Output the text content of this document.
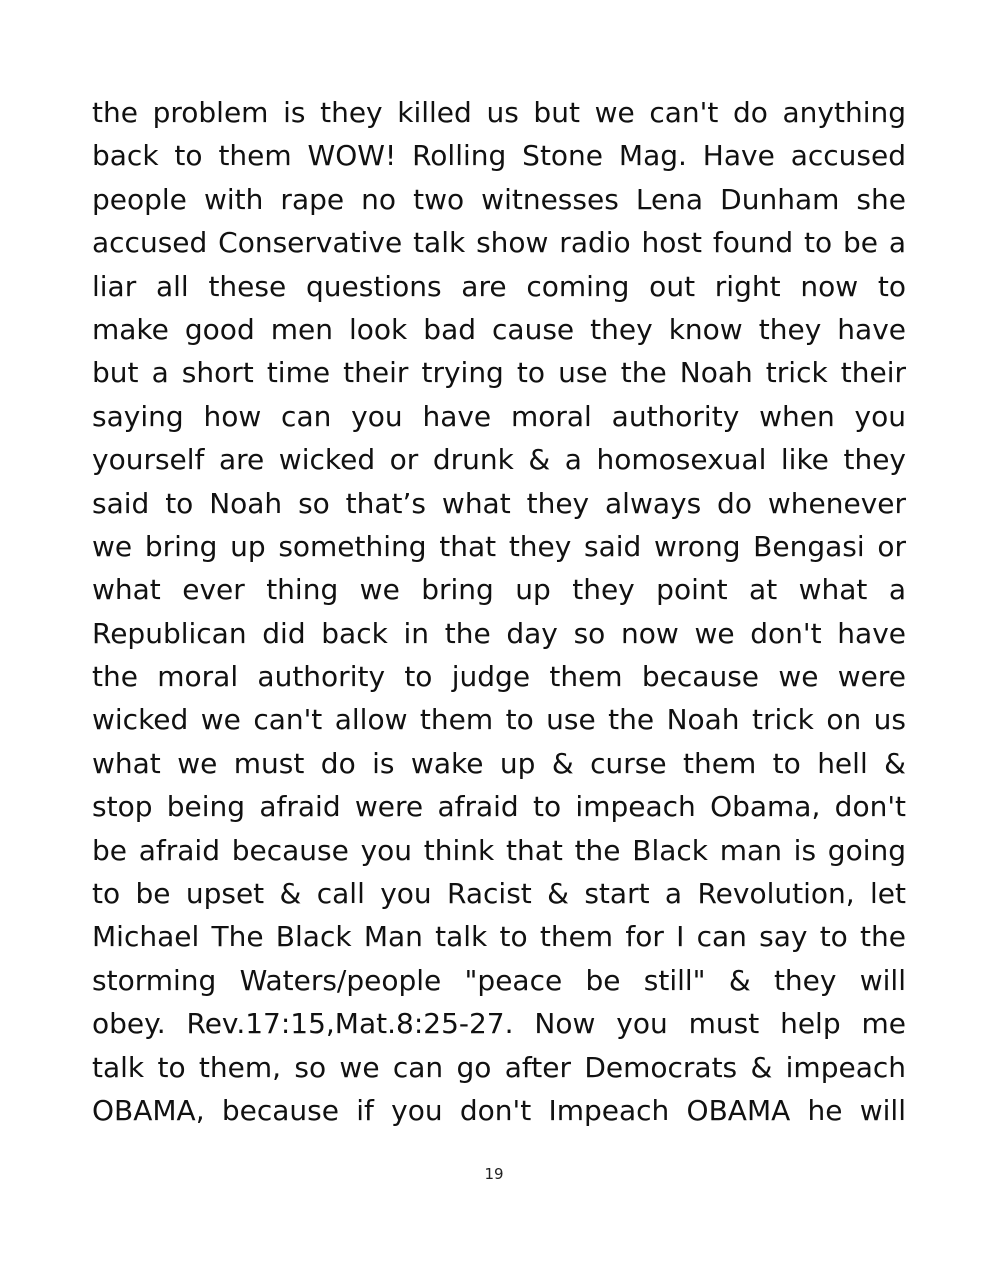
the problem is they killed us but we can't do anything
back to them WOW! Rolling Stone Mag. Have accused
people with rape no two witnesses Lena Dunham she
accused Conservative talk show radio host found to be a
liar all these questions are coming out right now to
make good men look bad cause they know they have
but a short time their trying to use the Noah trick their
saying how can you have moral authority when you
yourself are wicked or drunk & a homosexual like they
said to Noah so that’s what they always do whenever
we bring up something that they said wrong Bengasi or
what ever thing we bring up they point at what a
Republican did back in the day so now we don't have
the moral authority to judge them because we were
wicked we can't allow them to use the Noah trick on us
what we must do is wake up & curse them to hell &
stop being afraid were afraid to impeach Obama, don't
be afraid because you think that the Black man is going
to be upset & call you Racist & start a Revolution, let
Michael The Black Man talk to them for I can say to the
storming Waters/people "peace be still" & they will
obey. Rev.17:15,Mat.8:25-27. Now you must help me
talk to them, so we can go after Democrats & impeach
OBAMA, because if you don't Impeach OBAMA he will
19
